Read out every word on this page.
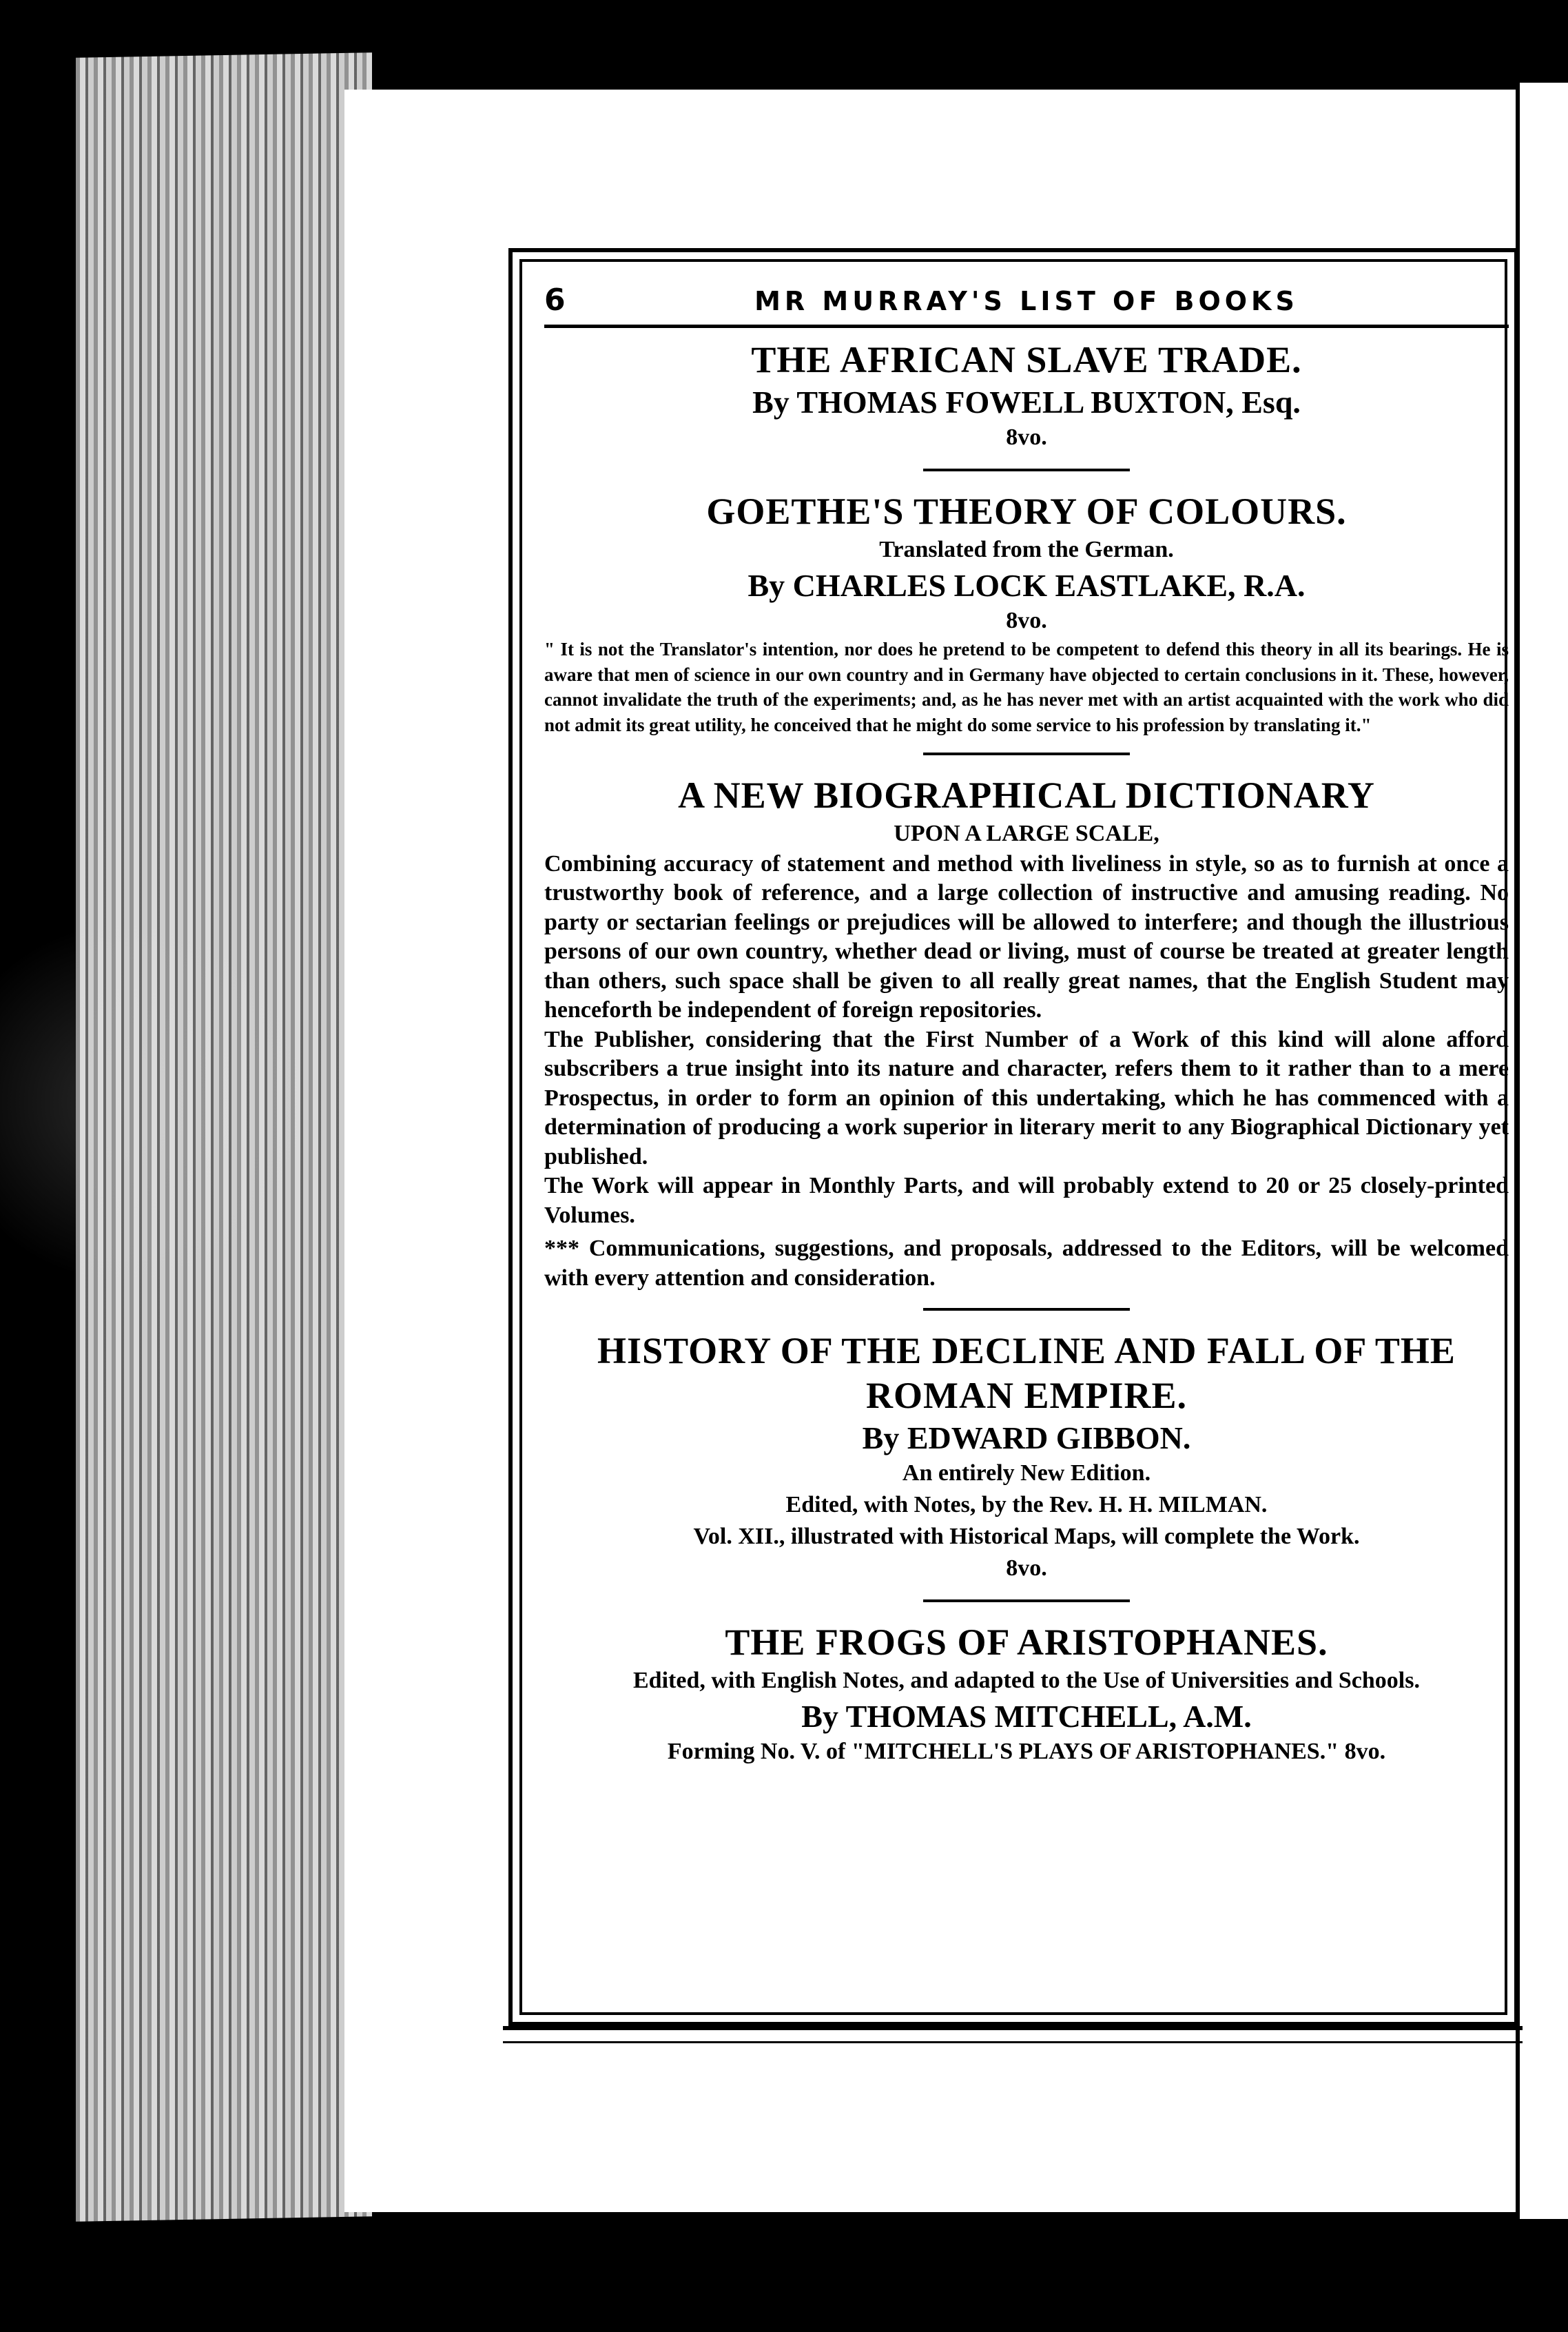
6	MR MURRAY'S LIST OF BOOKS

THE AFRICAN SLAVE TRADE.

By THOMAS FOWELL BUXTON, Esq.

8vo.

GOETHE'S THEORY OF COLOURS.

Translated from the German.

By CHARLES LOCK EASTLAKE, R.A.

8vo.

" It is not the Translator's intention, nor does he pretend to be competent to defend this theory in all its bearings. He is aware that men of science in our own country and in Germany have objected to certain conclusions in it. These, however, cannot invalidate the truth of the experiments; and, as he has never met with an artist acquainted with the work who did not admit its great utility, he conceived that he might do some service to his profession by translating it."

A NEW BIOGRAPHICAL DICTIONARY

UPON A LARGE SCALE,

Combining accuracy of statement and method with liveliness in style, so as to furnish at once a trustworthy book of reference, and a large collection of instructive and amusing reading. No party or sectarian feelings or prejudices will be allowed to interfere; and though the illustrious persons of our own country, whether dead or living, must of course be treated at greater length than others, such space shall be given to all really great names, that the English Student may henceforth be independent of foreign repositories.

The Publisher, considering that the First Number of a Work of this kind will alone afford subscribers a true insight into its nature and character, refers them to it rather than to a mere Prospectus, in order to form an opinion of this undertaking, which he has commenced with a determination of producing a work superior in literary merit to any Biographical Dictionary yet published.

The Work will appear in Monthly Parts, and will probably extend to 20 or 25 closely-printed Volumes.

*** Communications, suggestions, and proposals, addressed to the Editors, will be welcomed with every attention and consideration.

HISTORY OF THE DECLINE AND FALL OF THE ROMAN EMPIRE.

By EDWARD GIBBON.

An entirely New Edition.

Edited, with Notes, by the Rev. H. H. MILMAN.

Vol. XII., illustrated with Historical Maps, will complete the Work.

8vo.

THE FROGS OF ARISTOPHANES.

Edited, with English Notes, and adapted to the Use of Universities and Schools.

By THOMAS MITCHELL, A.M.

Forming No. V. of "MITCHELL'S PLAYS OF ARISTOPHANES." 8vo.
